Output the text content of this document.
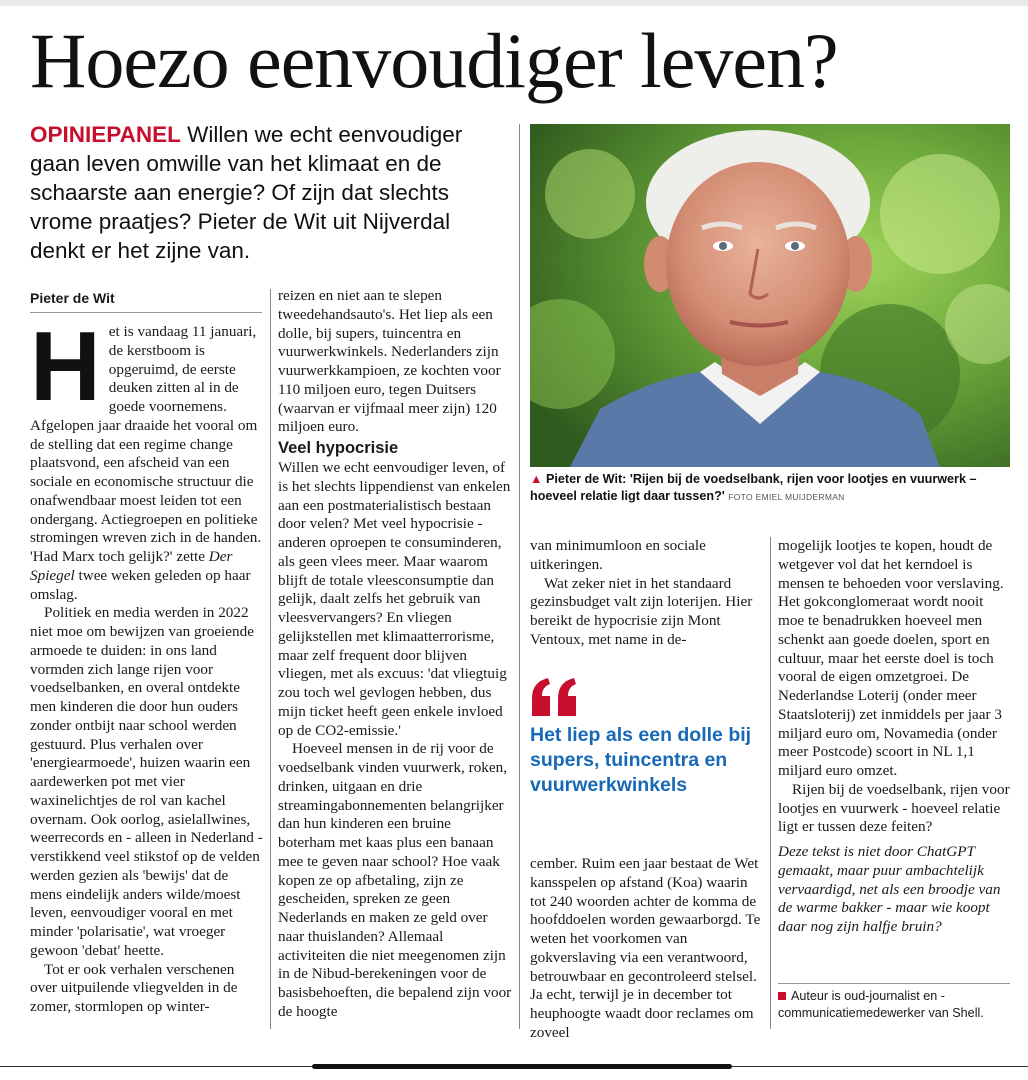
Hoezo eenvoudiger leven?

OPINIEPANEL Willen we echt eenvoudiger gaan leven omwille van het klimaat en de schaarste aan energie? Of zijn dat slechts vrome praatjes? Pieter de Wit uit Nijverdal denkt er het zijne van.

Pieter de Wit

Het is vandaag 11 januari, de kerstboom is opgeruimd, de eerste deuken zitten al in de goede voornemens. Afgelopen jaar draaide het vooral om de stelling dat een regime change plaatsvond, een afscheid van een sociale en economische structuur die onafwendbaar moest leiden tot een ondergang. Actiegroepen en politieke stromingen wreven zich in de handen. 'Had Marx toch gelijk?' zette Der Spiegel twee weken geleden op haar omslag.

Politiek en media werden in 2022 niet moe om bewijzen van groeiende armoede te duiden: in ons land vormden zich lange rijen voor voedselbanken, en overal ontdekte men kinderen die door hun ouders zonder ontbijt naar school werden gestuurd. Plus verhalen over 'energiearmoede', huizen waarin een aardewerken pot met vier waxinelichtjes de rol van kachel overnam. Ook oorlog, asielallwines, weerrecords en - alleen in Nederland - verstikkend veel stikstof op de velden werden gezien als 'bewijs' dat de mens eindelijk anders wilde/moest leven, eenvoudiger vooral en met minder 'polarisatie', wat vroeger gewoon 'debat' heette.

Tot er ook verhalen verschenen over uitpuilende vliegvelden in de zomer, stormlopen op winter-

reizen en niet aan te slepen tweedehandsauto's. Het liep als een dolle, bij supers, tuincentra en vuurwerkwinkels. Nederlanders zijn vuurwerkkampioen, ze kochten voor 110 miljoen euro, tegen Duitsers (waarvan er vijfmaal meer zijn) 120 miljoen euro.

Veel hypocrisie

Willen we echt eenvoudiger leven, of is het slechts lippendienst van enkelen aan een postmaterialistisch bestaan door velen? Met veel hypocrisie - anderen oproepen te consuminderen, als geen vlees meer. Maar waarom blijft de totale vleesconsumptie dan gelijk, daalt zelfs het gebruik van vleesvervangers? En vliegen gelijkstellen met klimaatterrorisme, maar zelf frequent door blijven vliegen, met als excuus: 'dat vliegtuig zou toch wel gevlogen hebben, dus mijn ticket heeft geen enkele invloed op de CO2-emissie.'

Hoeveel mensen in de rij voor de voedselbank vinden vuurwerk, roken, drinken, uitgaan en drie streamingabonnementen belangrijker dan hun kinderen een bruine boterham met kaas plus een banaan mee te geven naar school? Hoe vaak kopen ze op afbetaling, zijn ze gescheiden, spreken ze geen Nederlands en maken ze geld over naar thuislanden? Allemaal activiteiten die niet meegenomen zijn in de Nibud-berekeningen voor de basisbehoeften, die bepalend zijn voor de hoogte

▲ Pieter de Wit: 'Rijen bij de voedselbank, rijen voor lootjes en vuurwerk –hoeveel relatie ligt daar tussen?' FOTO EMIEL MUIJDERMAN

van minimumloon en sociale uitkeringen.

Wat zeker niet in het standaard gezinsbudget valt zijn loterijen. Hier bereikt de hypocrisie zijn Mont Ventoux, met name in de-

Het liep als een dolle bij supers, tuincentra en vuurwerkwinkels

cember. Ruim een jaar bestaat de Wet kansspelen op afstand (Koa) waarin tot 240 woorden achter de komma de hoofddoelen worden gewaarborgd. Te weten het voorkomen van gokverslaving via een verantwoord, betrouwbaar en gecontroleerd stelsel. Ja echt, terwijl je in december tot heuphoogte waadt door reclames om zoveel

mogelijk lootjes te kopen, houdt de wetgever vol dat het kerndoel is mensen te behoeden voor verslaving. Het gokconglomeraat wordt nooit moe te benadrukken hoeveel men schenkt aan goede doelen, sport en cultuur, maar het eerste doel is toch vooral de eigen omzetgroei. De Nederlandse Loterij (onder meer Staatsloterij) zet inmiddels per jaar 3 miljard euro om, Novamedia (onder meer Postcode) scoort in NL 1,1 miljard euro omzet.

Rijen bij de voedselbank, rijen voor lootjes en vuurwerk - hoeveel relatie ligt er tussen deze feiten?

Deze tekst is niet door ChatGPT gemaakt, maar puur ambachtelijk vervaardigd, net als een broodje van de warme bakker - maar wie koopt daar nog zijn halfje bruin?

Auteur is oud-journalist en -communicatiemedewerker van Shell.
